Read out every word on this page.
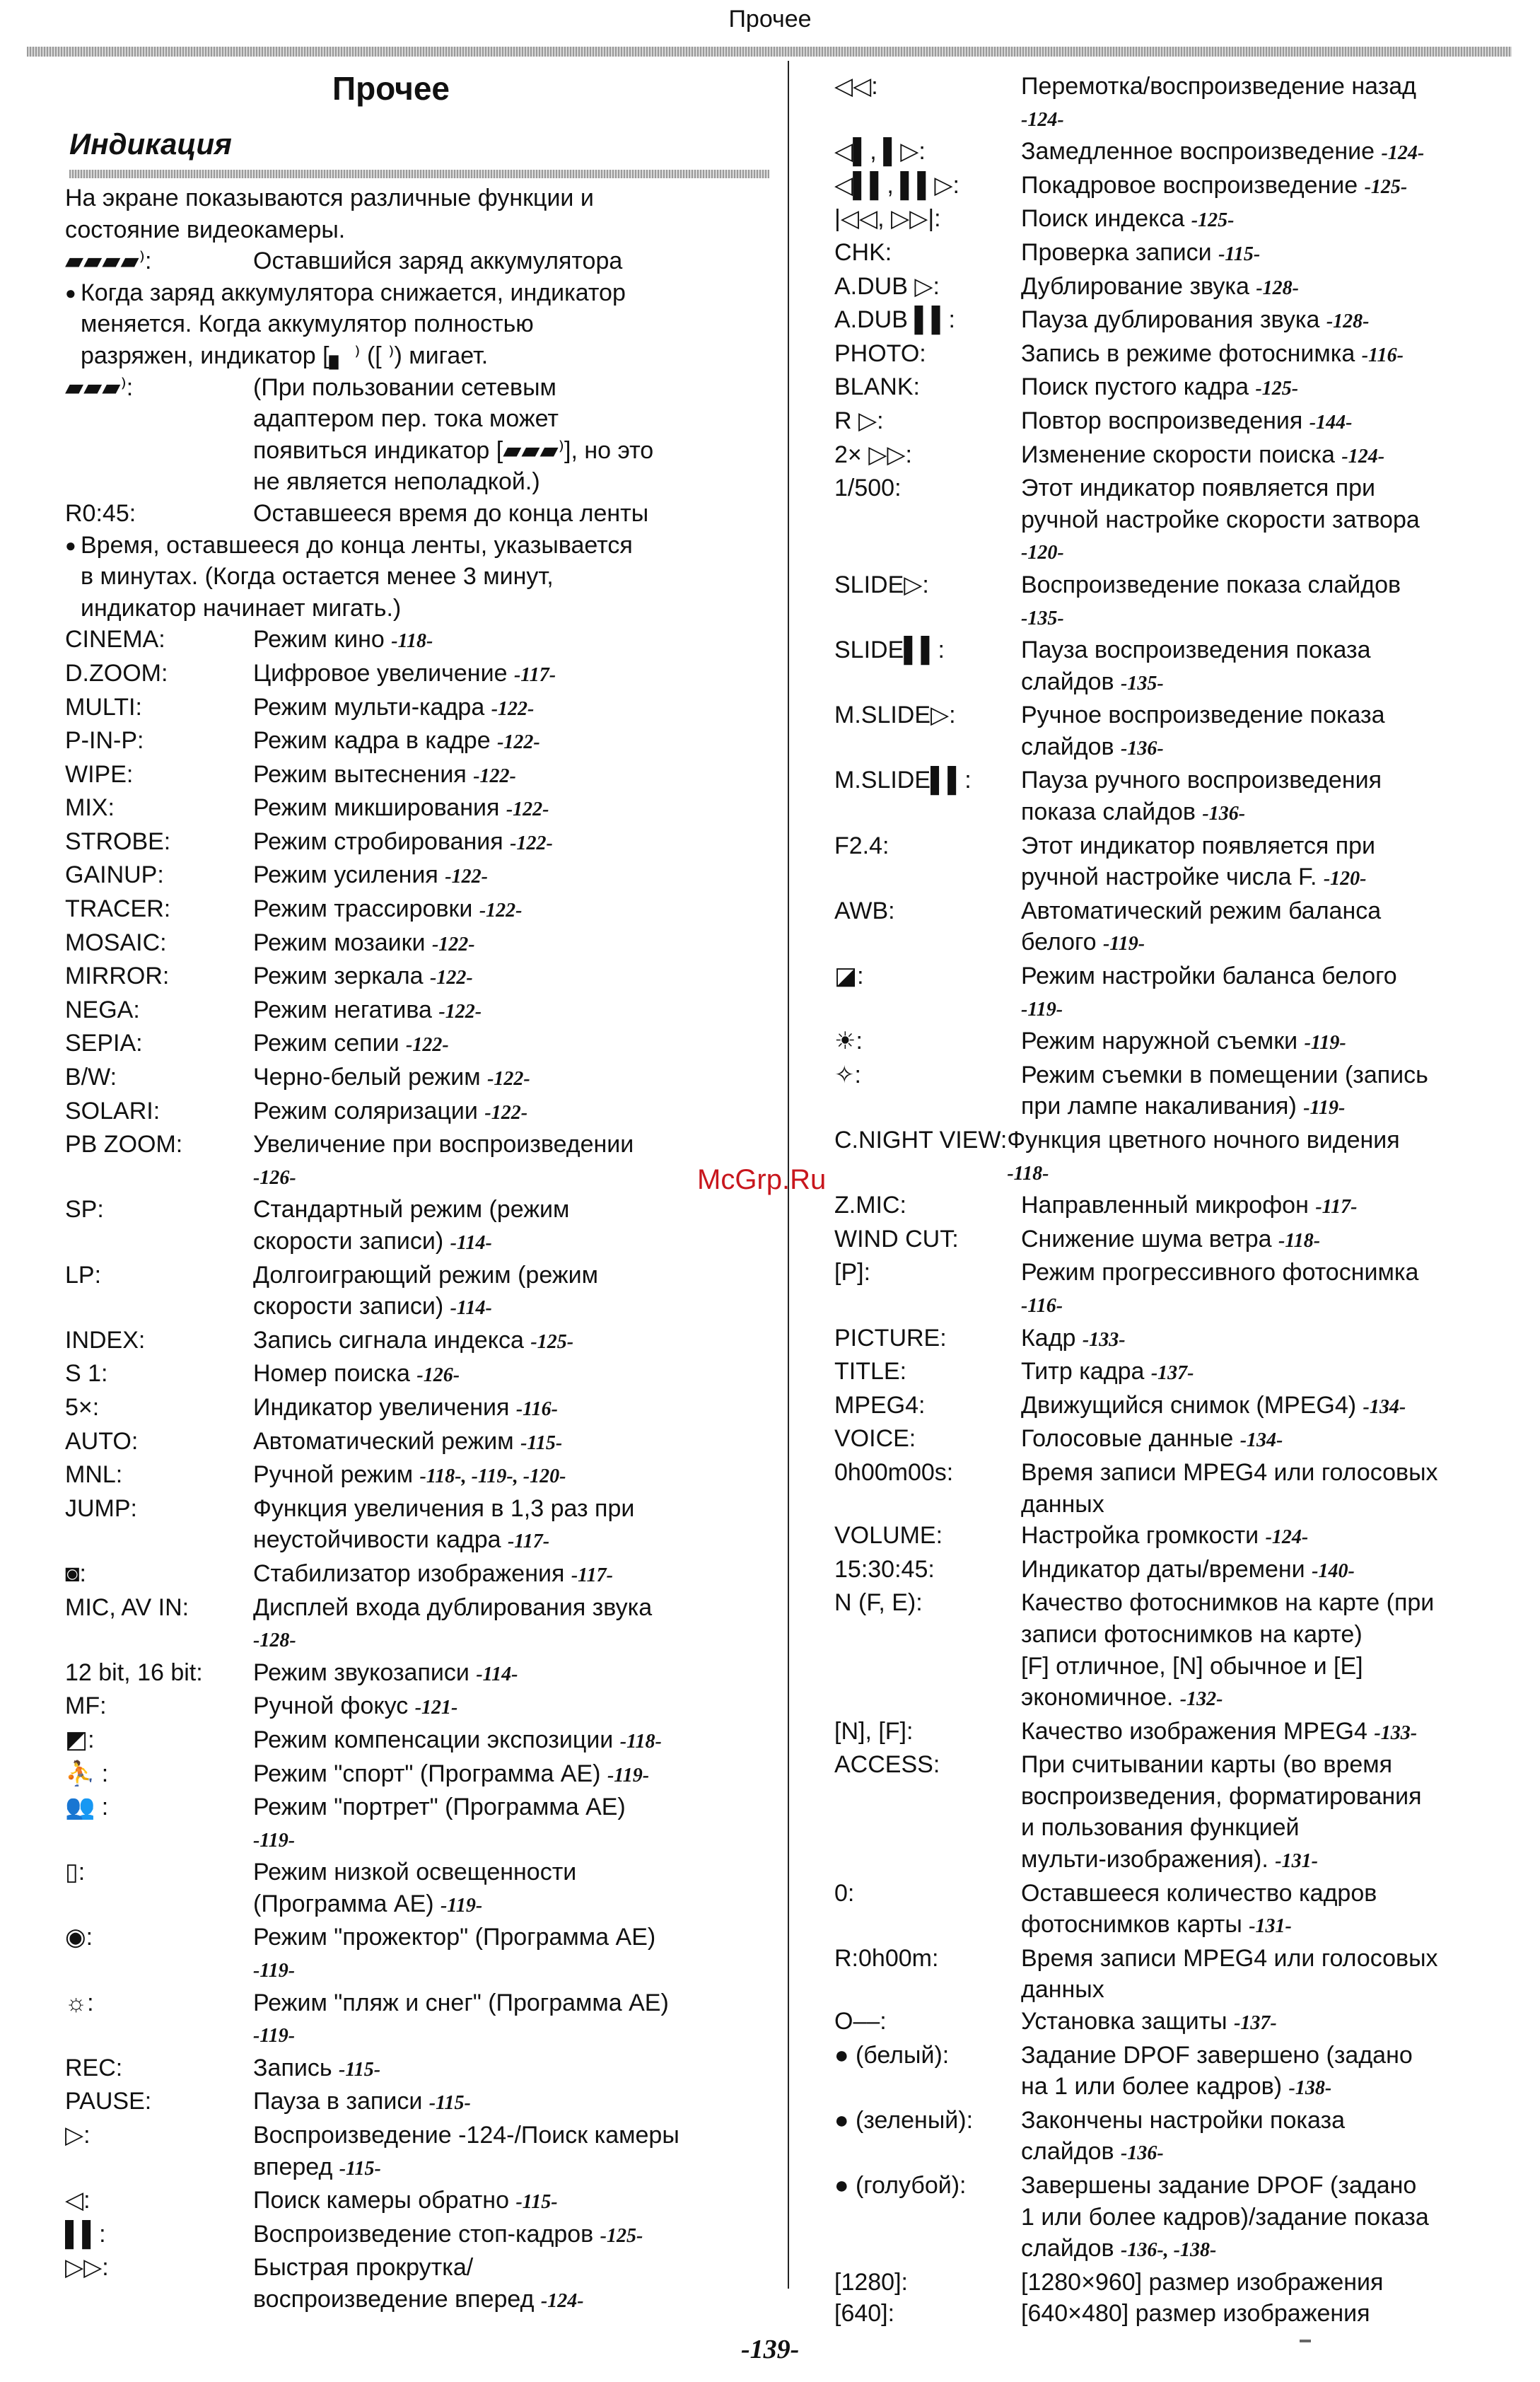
Прочее
Прочее
Индикация
На экране показываются различные функции и
состояние видеокамеры.
▰▰▰▰⁾:	Оставшийся заряд аккумулятора
● Когда заряд аккумулятора снижается, индикатор
меняется. Когда аккумулятор полностью
разряжен, индикатор [▖ ⁾ ([ ⁾) мигает.
▰▰▰⁾:	(При пользовании сетевым
адаптером пер. тока может
появиться индикатор [▰▰▰⁾], но это
не является неполадкой.)
R0:45:	Оставшееся время до конца ленты
● Время, оставшееся до конца ленты, указывается
в минутах. (Когда остается менее 3 минут,
индикатор начинает мигать.)
CINEMA:	Режим кино -118-
D.ZOOM:	Цифровое увеличение -117-
MULTI:	Режим мульти-кадра -122-
P-IN-P:	Режим кадра в кадре -122-
WIPE:	Режим вытеснения -122-
MIX:	Режим микширования -122-
STROBE:	Режим стробирования -122-
GAINUP:	Режим усиления -122-
TRACER:	Режим трассировки -122-
MOSAIC:	Режим мозаики -122-
MIRROR:	Режим зеркала -122-
NEGA:	Режим негатива -122-
SEPIA:	Режим сепии -122-
B/W:	Черно-белый режим -122-
SOLARI:	Режим соляризации -122-
PB ZOOM:	Увеличение при воспроизведении
-126-
SP:	Стандартный режим (режим
скорости записи) -114-
LP:	Долгоиграющий режим (режим
скорости записи) -114-
INDEX:	Запись сигнала индекса -125-
S 1:	Номер поиска -126-
5×:	Индикатор увеличения -116-
AUTO:	Автоматический режим -115-
MNL:	Ручной режим -118-, -119-, -120-
JUMP:	Функция увеличения в 1,3 раз при
неустойчивости кадра -117-
◙:	Стабилизатор изображения -117-
MIC, AV IN:	Дисплей входа дублирования звука
-128-
12 bit, 16 bit:	Режим звукозаписи -114-
MF:	Ручной фокус -121-
◩:	Режим компенсации экспозиции -118-
⛹ :	Режим "спорт" (Программа АЕ) -119-
👥 :	Режим "портрет" (Программа АЕ)
-119-
▯:	Режим низкой освещенности
(Программа АЕ) -119-
◉:	Режим "прожектор" (Программа АЕ)
-119-
☼:	Режим "пляж и снег" (Программа АЕ)
-119-
REC:	Запись -115-
PAUSE:	Пауза в записи -115-
▷:	Воспроизведение -124-/Поиск камеры
вперед -115-
◁:	Поиск камеры обратно -115-
▌▌:	Воспроизведение стоп-кадров -125-
▷▷:	Быстрая прокрутка/
воспроизведение вперед -124-
◁◁:	Перемотка/воспроизведение назад
-124-
◁▌, ▌▷:	Замедленное воспроизведение -124-
◁▌▌, ▌▌▷:	Покадровое воспроизведение -125-
|◁◁, ▷▷|:	Поиск индекса -125-
CHK:	Проверка записи -115-
A.DUB ▷:	Дублирование звука -128-
A.DUB ▌▌:	Пауза дублирования звука -128-
PHOTO:	Запись в режиме фотоснимка -116-
BLANK:	Поиск пустого кадра -125-
R ▷:	Повтор воспроизведения -144-
2× ▷▷:	Изменение скорости поиска -124-
1/500:	Этот индикатор появляется при
ручной настройке скорости затвора
-120-
SLIDE▷:	Воспроизведение показа слайдов
-135-
SLIDE▌▌:	Пауза воспроизведения показа
слайдов -135-
M.SLIDE▷:	Ручное воспроизведение показа
слайдов -136-
M.SLIDE▌▌:	Пауза ручного воспроизведения
показа слайдов -136-
F2.4:	Этот индикатор появляется при
ручной настройке числа F. -120-
AWB:	Автоматический режим баланса
белого -119-
◪:	Режим настройки баланса белого
-119-
☀:	Режим наружной съемки -119-
✧:	Режим съемки в помещении (запись
при лампе накаливания) -119-
C.NIGHT VIEW: Функция цветного ночного видения
-118-
Z.MIC:	Направленный микрофон -117-
WIND CUT:	Снижение шума ветра -118-
[P]:	Режим прогрессивного фотоснимка
-116-
PICTURE:	Кадр -133-
TITLE:	Титр кадра -137-
MPEG4:	Движущийся снимок (MPEG4) -134-
VOICE:	Голосовые данные -134-
0h00m00s:	Время записи MPEG4 или голосовых
данных
VOLUME:	Настройка громкости -124-
15:30:45:	Индикатор даты/времени -140-
N (F, E):	Качество фотоснимков на карте (при
записи фотоснимков на карте)
[F] отличное, [N] обычное и [E]
экономичное. -132-
[N], [F]:	Качество изображения MPEG4 -133-
ACCESS:	При считывании карты (во время
воспроизведения, форматирования
и пользования функцией
мульти-изображения). -131-
0:	Оставшееся количество кадров
фотоснимков карты -131-
R:0h00m:	Время записи MPEG4 или голосовых
данных
O‒‒:	Установка защиты -137-
● (белый):	Задание DPOF завершено (задано
на 1 или более кадров) -138-
● (зеленый):	Закончены настройки показа
слайдов -136-
● (голубой):	Завершены задание DPOF (задано
1 или более кадров)/задание показа
слайдов -136-, -138-
[1280]:	[1280×960] размер изображения
[640]:	[640×480] размер изображения
McGrp.Ru
-139-
